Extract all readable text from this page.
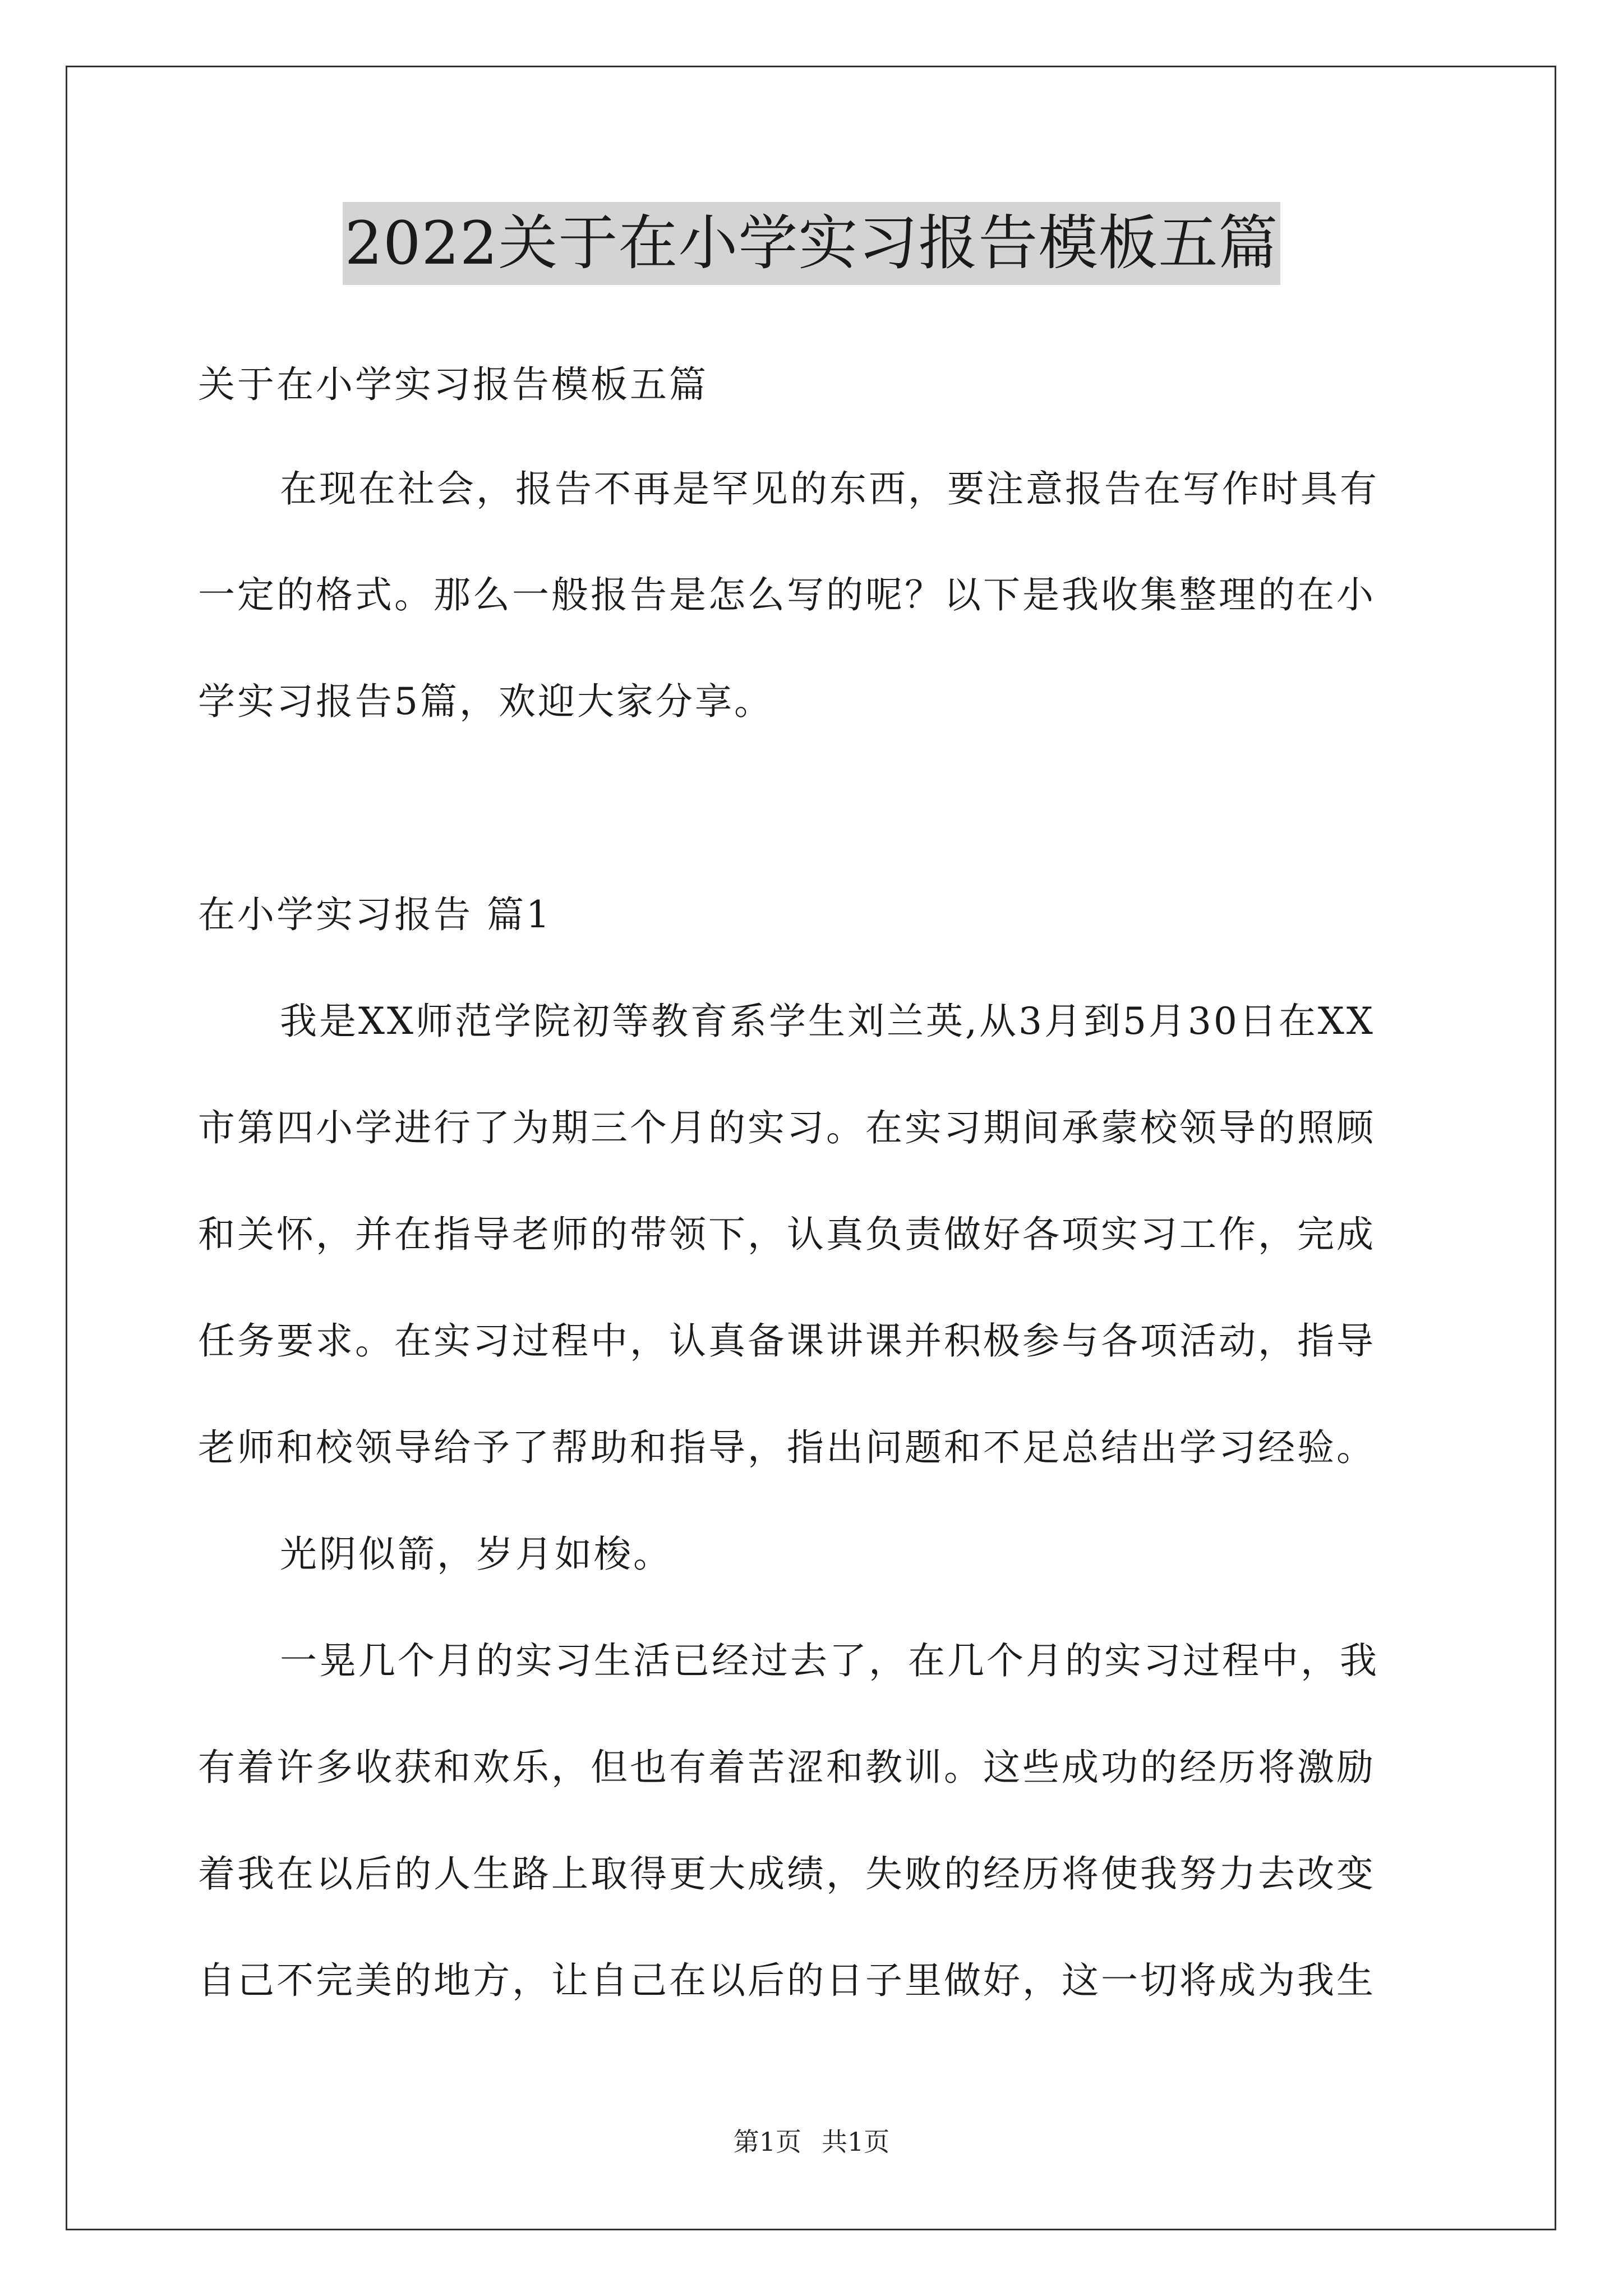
2022关于在小学实习报告模板五篇
关于在小学实习报告模板五篇
在现在社会，报告不再是罕见的东西，要注意报告在写作时具有
一定的格式。那么一般报告是怎么写的呢？以下是我收集整理的在小
学实习报告5篇，欢迎大家分享。
在小学实习报告 篇1
我是XX师范学院初等教育系学生刘兰英,从3月到5月30日在XX
市第四小学进行了为期三个月的实习。在实习期间承蒙校领导的照顾
和关怀，并在指导老师的带领下，认真负责做好各项实习工作，完成
任务要求。在实习过程中，认真备课讲课并积极参与各项活动，指导
老师和校领导给予了帮助和指导，指出问题和不足总结出学习经验。
光阴似箭，岁月如梭。
一晃几个月的实习生活已经过去了，在几个月的实习过程中，我
有着许多收获和欢乐，但也有着苦涩和教训。这些成功的经历将激励
着我在以后的人生路上取得更大成绩，失败的经历将使我努力去改变
自己不完美的地方，让自己在以后的日子里做好，这一切将成为我生
第1页 共1页
